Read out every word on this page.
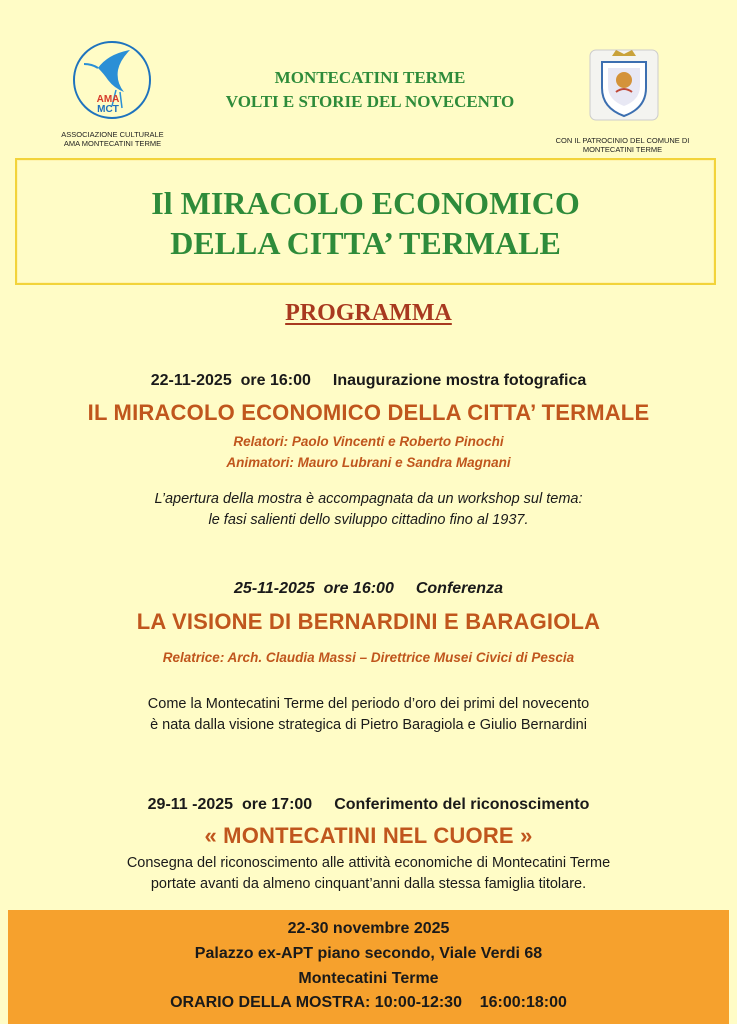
AMA
MCT
ASSOCIAZIONE CULTURALE
AMA MONTECATINI TERME
MONTECATINI TERME
VOLTI E STORIE DEL NOVECENTO
CON IL PATROCINIO DEL COMUNE DI
MONTECATINI TERME
Il MIRACOLO ECONOMICO
DELLA CITTA’ TERMALE
PROGRAMMA
22-11-2025 ore 16:00 Inaugurazione mostra fotografica
IL MIRACOLO ECONOMICO DELLA CITTA’ TERMALE
Relatori: Paolo Vincenti e Roberto Pinochi
Animatori: Mauro Lubrani e Sandra Magnani
L’apertura della mostra è accompagnata da un workshop sul tema:
le fasi salienti dello sviluppo cittadino fino al 1937.
25-11-2025 ore 16:00 Conferenza
LA VISIONE DI BERNARDINI E BARAGIOLA
Relatrice: Arch. Claudia Massi – Direttrice Musei Civici di Pescia
Come la Montecatini Terme del periodo d’oro dei primi del novecento
è nata dalla visione strategica di Pietro Baragiola e Giulio Bernardini
29-11 -2025 ore 17:00 Conferimento del riconoscimento
« MONTECATINI NEL CUORE »
Consegna del riconoscimento alle attività economiche di Montecatini Terme
portate avanti da almeno cinquant’anni dalla stessa famiglia titolare.
22-30 novembre 2025
Palazzo ex-APT piano secondo, Viale Verdi 68
Montecatini Terme
ORARIO DELLA MOSTRA: 10:00-12:30    16:00:18:00
